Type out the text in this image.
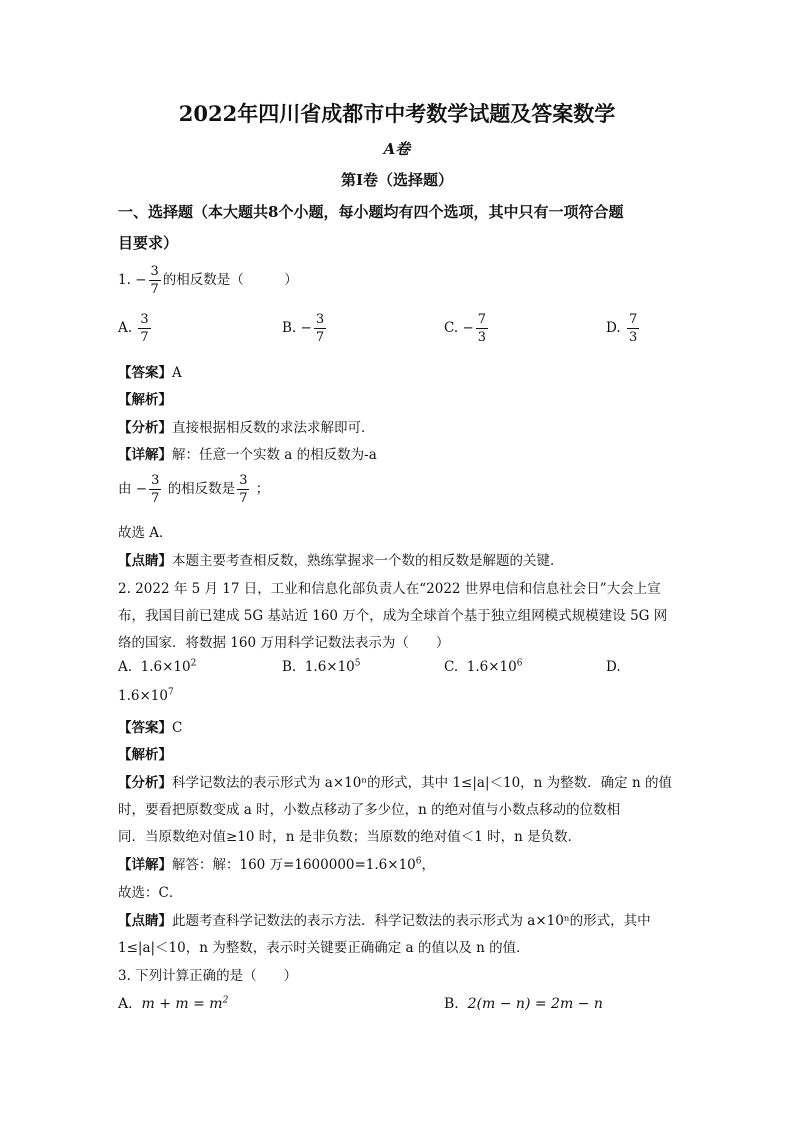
2022年四川省成都市中考数学试题及答案数学
A卷
第Ⅰ卷（选择题）
一、选择题（本大题共8个小题，每小题均有四个选项，其中只有一项符合题
目要求）
1. − $\frac{3}{7}$ 的相反数是（　　　）
A. $\frac{3}{7}$	B. − $\frac{3}{7}$	C. − $\frac{7}{3}$	D. $\frac{7}{3}$
【答案】A
【解析】
【分析】直接根据相反数的求法求解即可．
【详解】解：任意一个实数 a 的相反数为-a
由 − $\frac{3}{7}$ 的相反数是 $\frac{3}{7}$ ；
故选 A．
【点睛】本题主要考查相反数，熟练掌握求一个数的相反数是解题的关键．
2. 2022 年 5 月 17 日，工业和信息化部负责人在“2022 世界电信和信息社会日”大会上宣
布，我国目前已建成 5G 基站近 160 万个，成为全球首个基于独立组网模式规模建设 5G 网
络的国家．将数据 160 万用科学记数法表示为（　　）
A. $1.6\times 10^2$	B. $1.6\times 10^5$	C. $1.6\times 10^6$	D.
$1.6\times 10^7$
【答案】C
【解析】
【分析】科学记数法的表示形式为 a×10ⁿ的形式，其中 1≤|a|＜10，n 为整数．确定 n 的值
时，要看把原数变成 a 时，小数点移动了多少位，n 的绝对值与小数点移动的位数相
同．当原数绝对值≥10 时，n 是非负数；当原数的绝对值＜1 时，n 是负数．
【详解】解答：解：160 万$=1600000=1.6\times 10^6$，
故选：C．
【点睛】此题考查科学记数法的表示方法．科学记数法的表示形式为 a×10ⁿ的形式，其中
1≤|a|＜10，n 为整数，表示时关键要正确确定 a 的值以及 n 的值．
3. 下列计算正确的是（　　）
A. $m + m = m^2$	B. 2(m − n) = 2m − n
